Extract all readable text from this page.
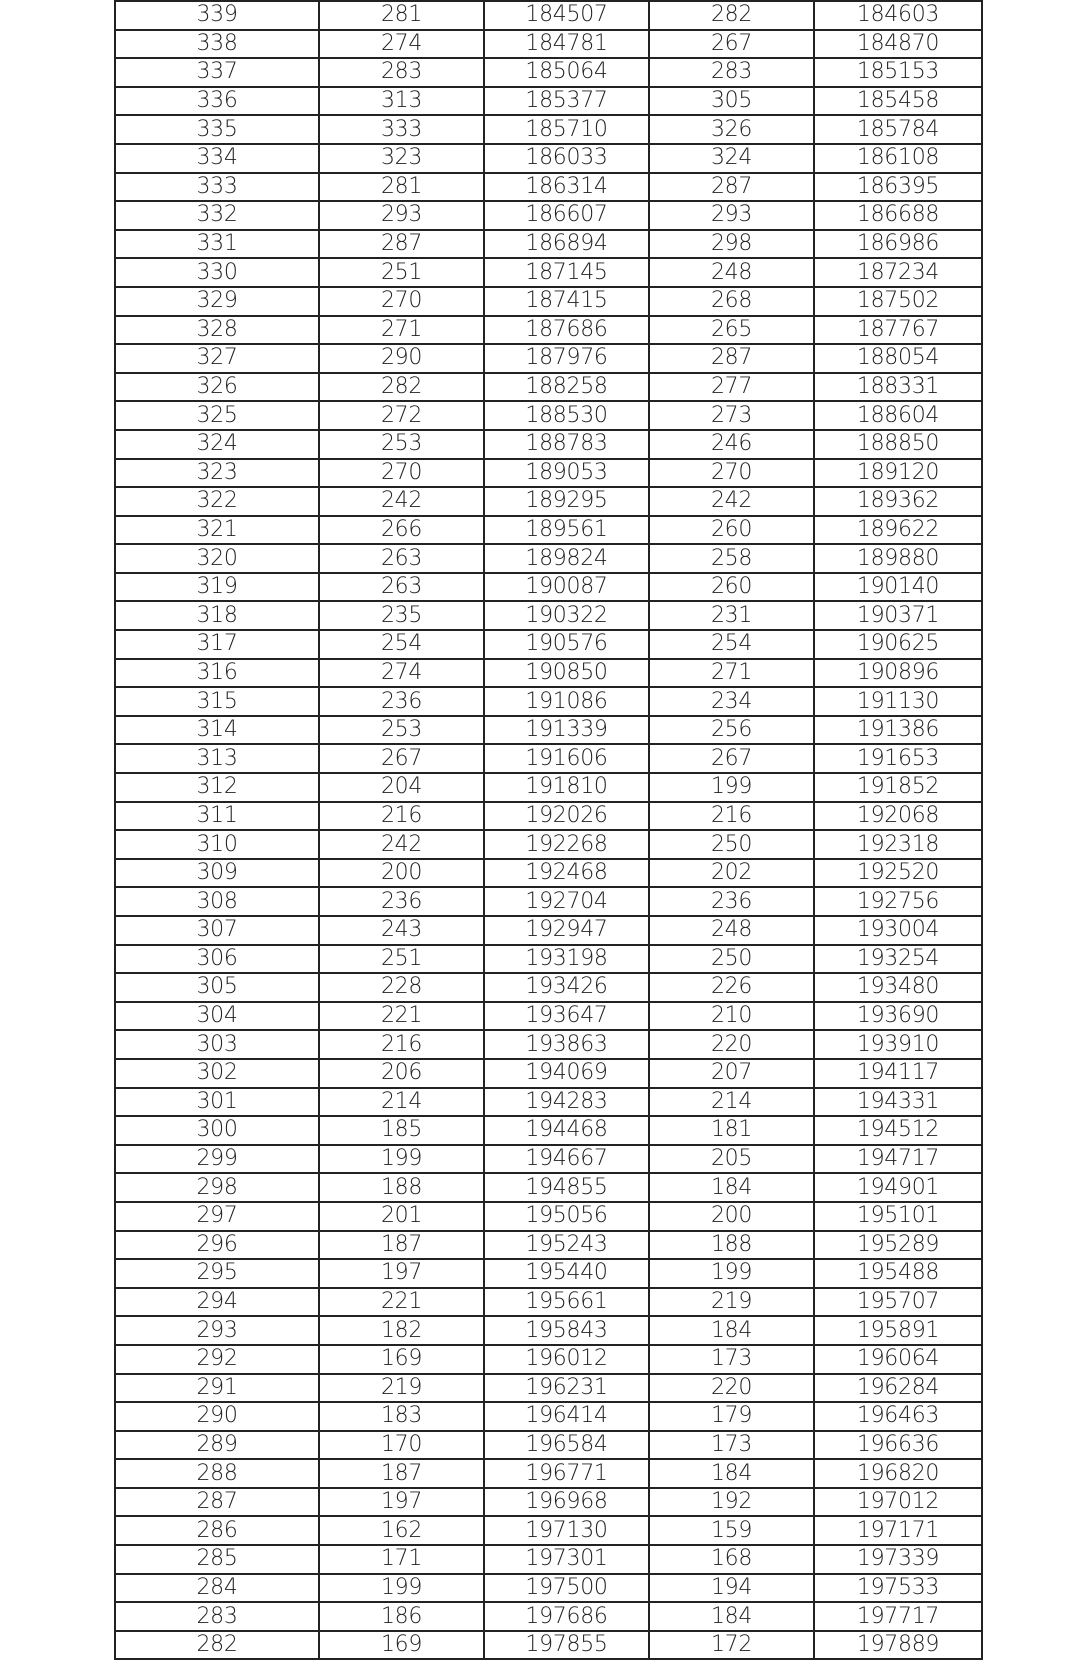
339	281	184507	282	184603
338	274	184781	267	184870
337	283	185064	283	185153
336	313	185377	305	185458
335	333	185710	326	185784
334	323	186033	324	186108
333	281	186314	287	186395
332	293	186607	293	186688
331	287	186894	298	186986
330	251	187145	248	187234
329	270	187415	268	187502
328	271	187686	265	187767
327	290	187976	287	188054
326	282	188258	277	188331
325	272	188530	273	188604
324	253	188783	246	188850
323	270	189053	270	189120
322	242	189295	242	189362
321	266	189561	260	189622
320	263	189824	258	189880
319	263	190087	260	190140
318	235	190322	231	190371
317	254	190576	254	190625
316	274	190850	271	190896
315	236	191086	234	191130
314	253	191339	256	191386
313	267	191606	267	191653
312	204	191810	199	191852
311	216	192026	216	192068
310	242	192268	250	192318
309	200	192468	202	192520
308	236	192704	236	192756
307	243	192947	248	193004
306	251	193198	250	193254
305	228	193426	226	193480
304	221	193647	210	193690
303	216	193863	220	193910
302	206	194069	207	194117
301	214	194283	214	194331
300	185	194468	181	194512
299	199	194667	205	194717
298	188	194855	184	194901
297	201	195056	200	195101
296	187	195243	188	195289
295	197	195440	199	195488
294	221	195661	219	195707
293	182	195843	184	195891
292	169	196012	173	196064
291	219	196231	220	196284
290	183	196414	179	196463
289	170	196584	173	196636
288	187	196771	184	196820
287	197	196968	192	197012
286	162	197130	159	197171
285	171	197301	168	197339
284	199	197500	194	197533
283	186	197686	184	197717
282	169	197855	172	197889
